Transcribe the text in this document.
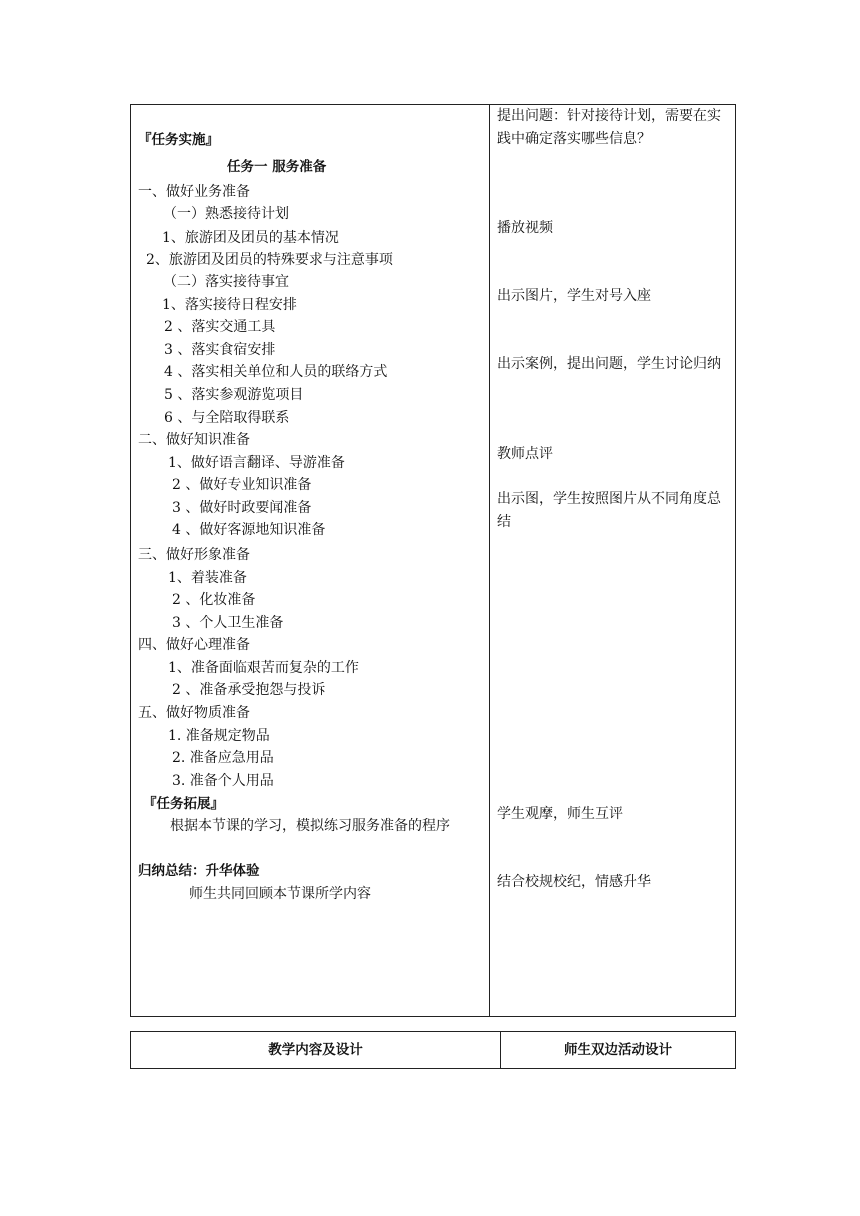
『任务实施』
任务一 服务准备
一、做好业务准备
（一）熟悉接待计划
1、旅游团及团员的基本情况
2、旅游团及团员的特殊要求与注意事项
（二）落实接待事宜
1、落实接待日程安排
2 、落实交通工具
3 、落实食宿安排
4 、落实相关单位和人员的联络方式
5 、落实参观游览项目
6 、与全陪取得联系
二、做好知识准备
1、做好语言翻译、导游准备
2 、做好专业知识准备
3 、做好时政要闻准备
4 、做好客源地知识准备
三、做好形象准备
1、着装准备
2 、化妆准备
3 、个人卫生准备
四、做好心理准备
1、准备面临艰苦而复杂的工作
2 、准备承受抱怨与投诉
五、做好物质准备
1. 准备规定物品
2. 准备应急用品
3. 准备个人用品
『任务拓展』
根据本节课的学习，模拟练习服务准备的程序
归纳总结：升华体验
师生共同回顾本节课所学内容
提出问题：针对接待计划，需要在实践中确定落实哪些信息？
播放视频
出示图片，学生对号入座
出示案例，提出问题，学生讨论归纳
教师点评
出示图，学生按照图片从不同角度总结
学生观摩，师生互评
结合校规校纪，情感升华
教学内容及设计	师生双边活动设计
